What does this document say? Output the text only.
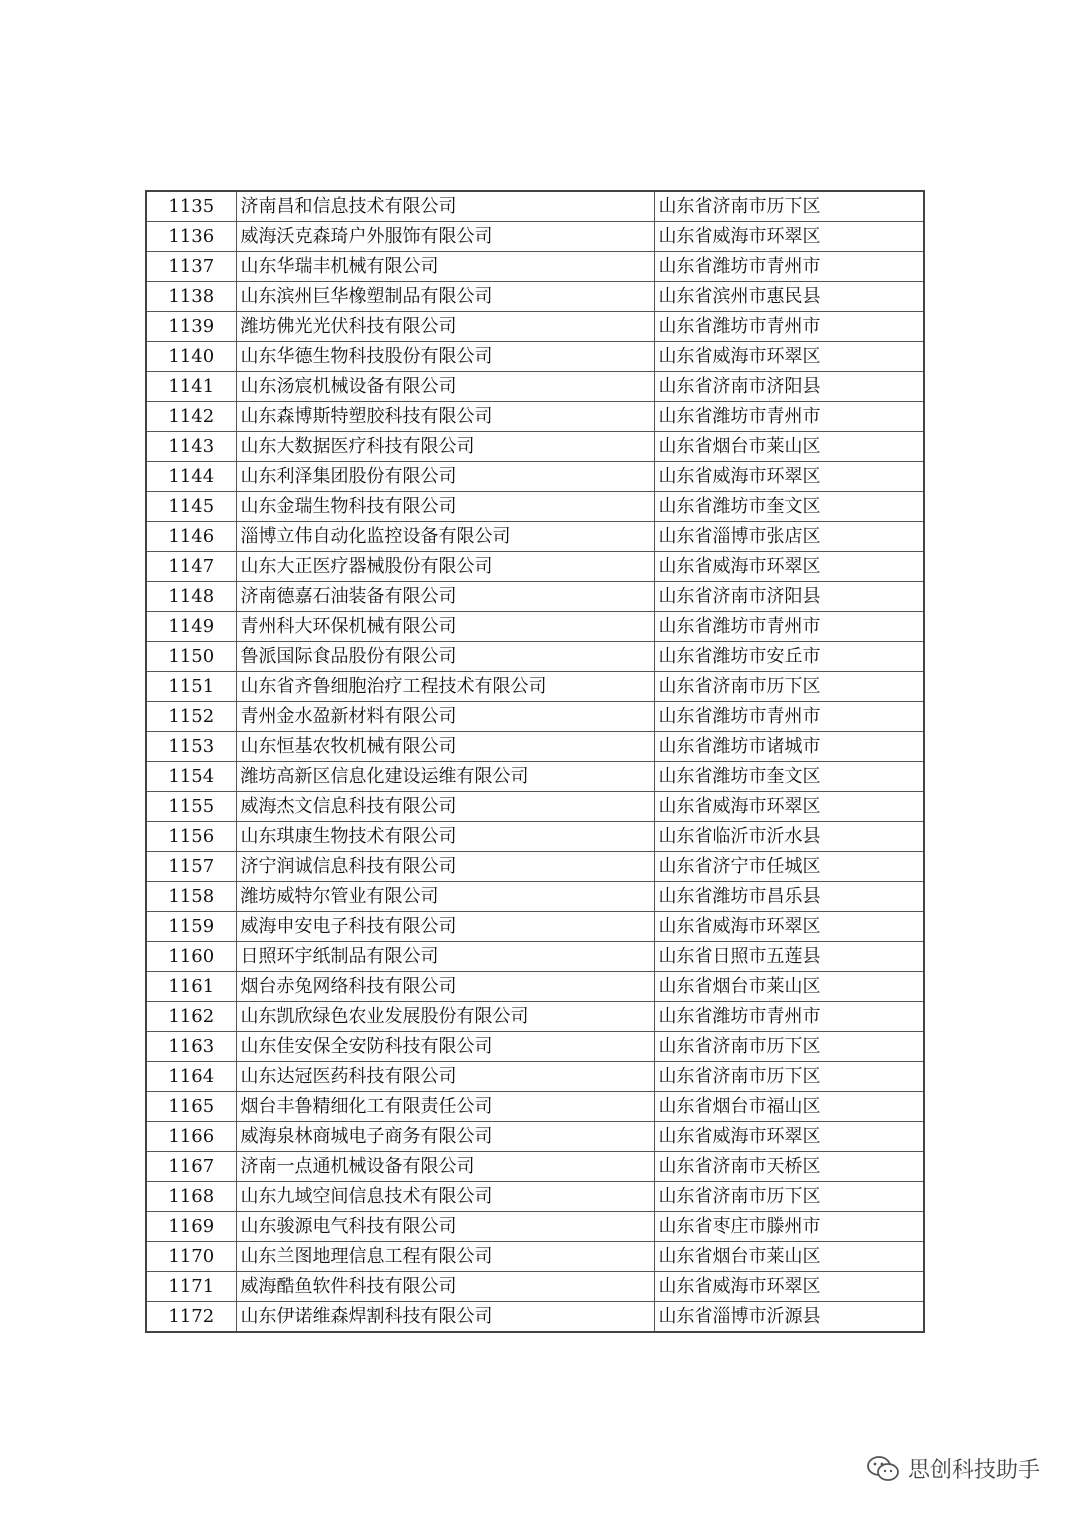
1135	济南昌和信息技术有限公司	山东省济南市历下区
1136	威海沃克森琦户外服饰有限公司	山东省威海市环翠区
1137	山东华瑞丰机械有限公司	山东省潍坊市青州市
1138	山东滨州巨华橡塑制品有限公司	山东省滨州市惠民县
1139	潍坊佛光光伏科技有限公司	山东省潍坊市青州市
1140	山东华德生物科技股份有限公司	山东省威海市环翠区
1141	山东汤宸机械设备有限公司	山东省济南市济阳县
1142	山东森博斯特塑胶科技有限公司	山东省潍坊市青州市
1143	山东大数据医疗科技有限公司	山东省烟台市莱山区
1144	山东利泽集团股份有限公司	山东省威海市环翠区
1145	山东金瑞生物科技有限公司	山东省潍坊市奎文区
1146	淄博立伟自动化监控设备有限公司	山东省淄博市张店区
1147	山东大正医疗器械股份有限公司	山东省威海市环翠区
1148	济南德嘉石油装备有限公司	山东省济南市济阳县
1149	青州科大环保机械有限公司	山东省潍坊市青州市
1150	鲁派国际食品股份有限公司	山东省潍坊市安丘市
1151	山东省齐鲁细胞治疗工程技术有限公司	山东省济南市历下区
1152	青州金水盈新材料有限公司	山东省潍坊市青州市
1153	山东恒基农牧机械有限公司	山东省潍坊市诸城市
1154	潍坊高新区信息化建设运维有限公司	山东省潍坊市奎文区
1155	威海杰文信息科技有限公司	山东省威海市环翠区
1156	山东琪康生物技术有限公司	山东省临沂市沂水县
1157	济宁润诚信息科技有限公司	山东省济宁市任城区
1158	潍坊威特尔管业有限公司	山东省潍坊市昌乐县
1159	威海申安电子科技有限公司	山东省威海市环翠区
1160	日照环宇纸制品有限公司	山东省日照市五莲县
1161	烟台赤兔网络科技有限公司	山东省烟台市莱山区
1162	山东凯欣绿色农业发展股份有限公司	山东省潍坊市青州市
1163	山东佳安保全安防科技有限公司	山东省济南市历下区
1164	山东达冠医药科技有限公司	山东省济南市历下区
1165	烟台丰鲁精细化工有限责任公司	山东省烟台市福山区
1166	威海泉林商城电子商务有限公司	山东省威海市环翠区
1167	济南一点通机械设备有限公司	山东省济南市天桥区
1168	山东九域空间信息技术有限公司	山东省济南市历下区
1169	山东骏源电气科技有限公司	山东省枣庄市滕州市
1170	山东兰图地理信息工程有限公司	山东省烟台市莱山区
1171	威海酷鱼软件科技有限公司	山东省威海市环翠区
1172	山东伊诺维森焊割科技有限公司	山东省淄博市沂源县
思创科技助手
